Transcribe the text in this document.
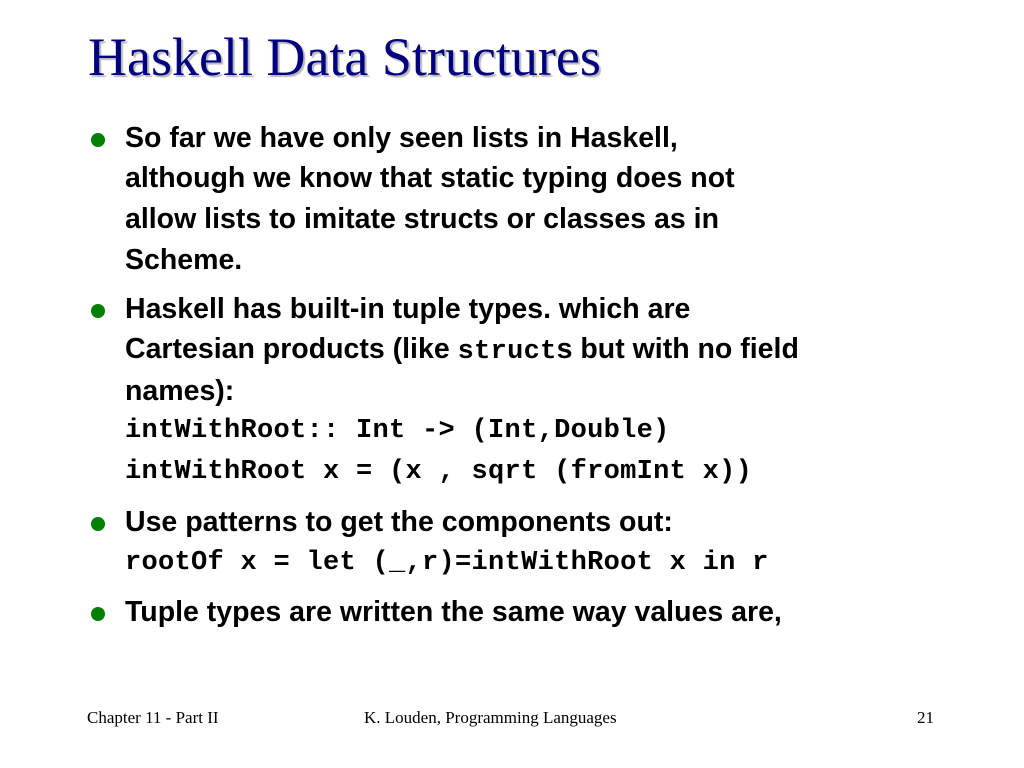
Haskell Data Structures
So far we have only seen lists in Haskell,
although we know that static typing does not
allow lists to imitate structs or classes as in
Scheme.
Haskell has built-in tuple types. which are
Cartesian products (like structs but with no field
names):
intWithRoot:: Int -> (Int,Double)
intWithRoot x = (x , sqrt (fromInt x))
Use patterns to get the components out:
rootOf x = let (_,r)=intWithRoot x in r
Tuple types are written the same way values are,
Chapter 11 - Part II	K. Louden, Programming Languages	21
